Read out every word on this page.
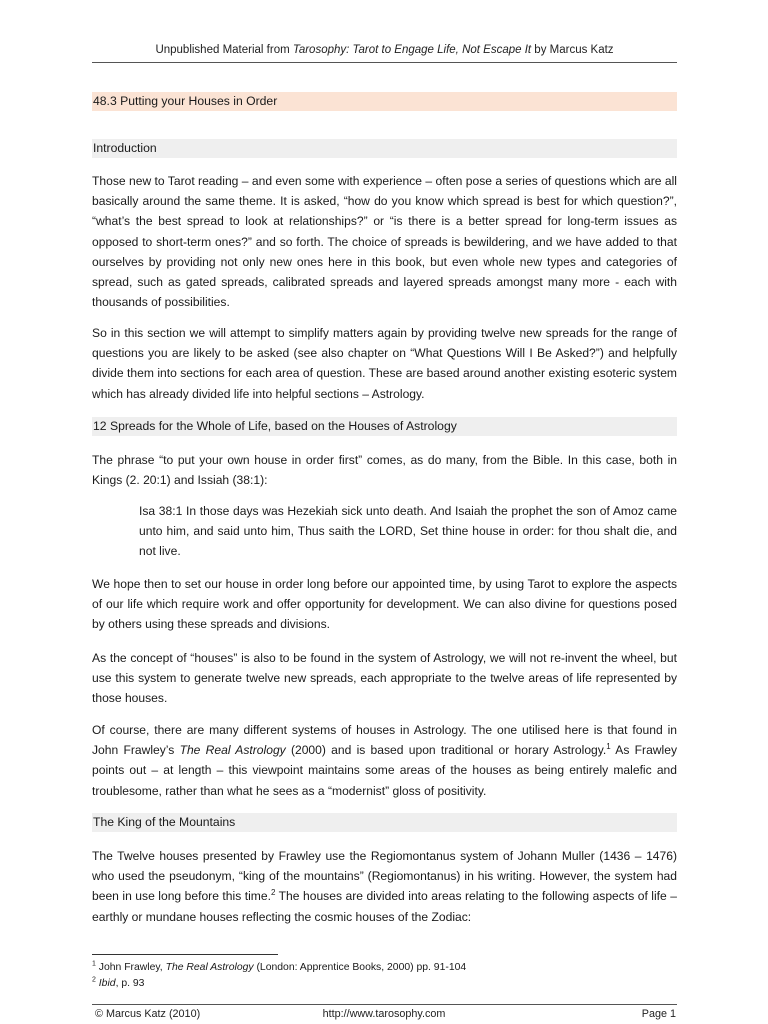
Unpublished Material from Tarosophy: Tarot to Engage Life, Not Escape It by Marcus Katz
48.3 Putting your Houses in Order
Introduction

Those new to Tarot reading – and even some with experience – often pose a series of questions which are all basically around the same theme. It is asked, “how do you know which spread is best for which question?”, “what’s the best spread to look at relationships?” or “is there is a better spread for long-term issues as opposed to short-term ones?” and so forth. The choice of spreads is bewildering, and we have added to that ourselves by providing not only new ones here in this book, but even whole new types and categories of spread, such as gated spreads, calibrated spreads and layered spreads amongst many more - each with thousands of possibilities.

So in this section we will attempt to simplify matters again by providing twelve new spreads for the range of questions you are likely to be asked (see also chapter on “What Questions Will I Be Asked?”) and helpfully divide them into sections for each area of question. These are based around another existing esoteric system which has already divided life into helpful sections – Astrology.

12 Spreads for the Whole of Life, based on the Houses of Astrology

The phrase “to put your own house in order first” comes, as do many, from the Bible. In this case, both in Kings (2. 20:1) and Issiah (38:1):

Isa 38:1 In those days was Hezekiah sick unto death. And Isaiah the prophet the son of Amoz came unto him, and said unto him, Thus saith the LORD, Set thine house in order: for thou shalt die, and not live.

We hope then to set our house in order long before our appointed time, by using Tarot to explore the aspects of our life which require work and offer opportunity for development. We can also divine for questions posed by others using these spreads and divisions.

As the concept of “houses” is also to be found in the system of Astrology, we will not re-invent the wheel, but use this system to generate twelve new spreads, each appropriate to the twelve areas of life represented by those houses.

Of course, there are many different systems of houses in Astrology. The one utilised here is that found in John Frawley’s The Real Astrology (2000) and is based upon traditional or horary Astrology.$^1$ As Frawley points out – at length – this viewpoint maintains some areas of the houses as being entirely malefic and troublesome, rather than what he sees as a “modernist” gloss of positivity.

The King of the Mountains

The Twelve houses presented by Frawley use the Regiomontanus system of Johann Muller (1436 – 1476) who used the pseudonym, “king of the mountains” (Regiomontanus) in his writing. However, the system had been in use long before this time.$^2$ The houses are divided into areas relating to the following aspects of life – earthly or mundane houses reflecting the cosmic houses of the Zodiac:

$^1$ John Frawley, The Real Astrology (London: Apprentice Books, 2000) pp. 91-104
$^2$ Ibid, p. 93
© Marcus Katz (2010)	http://www.tarosophy.com	Page 1
